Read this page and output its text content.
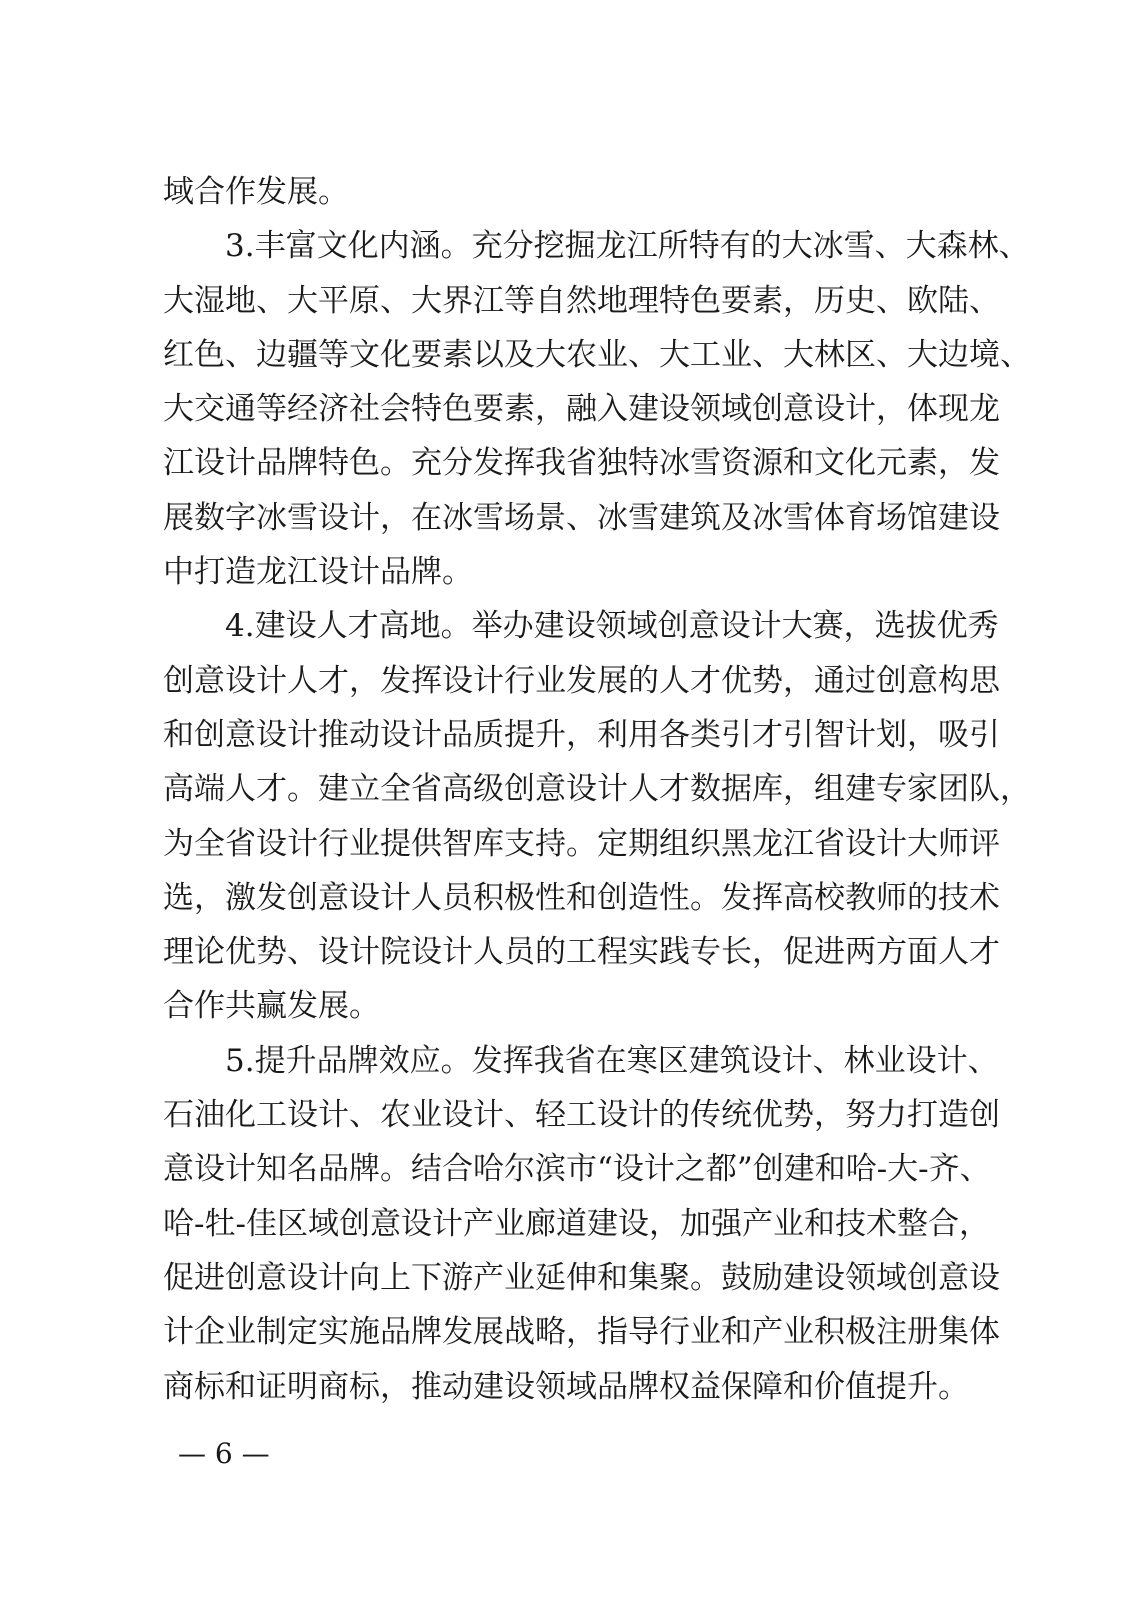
域合作发展。
3.丰富文化内涵。充分挖掘龙江所特有的大冰雪、大森林、
大湿地、大平原、大界江等自然地理特色要素，历史、欧陆、
红色、边疆等文化要素以及大农业、大工业、大林区、大边境、
大交通等经济社会特色要素，融入建设领域创意设计，体现龙
江设计品牌特色。充分发挥我省独特冰雪资源和文化元素，发
展数字冰雪设计，在冰雪场景、冰雪建筑及冰雪体育场馆建设
中打造龙江设计品牌。
4.建设人才高地。举办建设领域创意设计大赛，选拔优秀
创意设计人才，发挥设计行业发展的人才优势，通过创意构思
和创意设计推动设计品质提升，利用各类引才引智计划，吸引
高端人才。建立全省高级创意设计人才数据库，组建专家团队，
为全省设计行业提供智库支持。定期组织黑龙江省设计大师评
选，激发创意设计人员积极性和创造性。发挥高校教师的技术
理论优势、设计院设计人员的工程实践专长，促进两方面人才
合作共赢发展。
5.提升品牌效应。发挥我省在寒区建筑设计、林业设计、
石油化工设计、农业设计、轻工设计的传统优势，努力打造创
意设计知名品牌。结合哈尔滨市“设计之都”创建和哈-大-齐、
哈-牡-佳区域创意设计产业廊道建设，加强产业和技术整合，
促进创意设计向上下游产业延伸和集聚。鼓励建设领域创意设
计企业制定实施品牌发展战略，指导行业和产业积极注册集体
商标和证明商标，推动建设领域品牌权益保障和价值提升。
— 6 —
